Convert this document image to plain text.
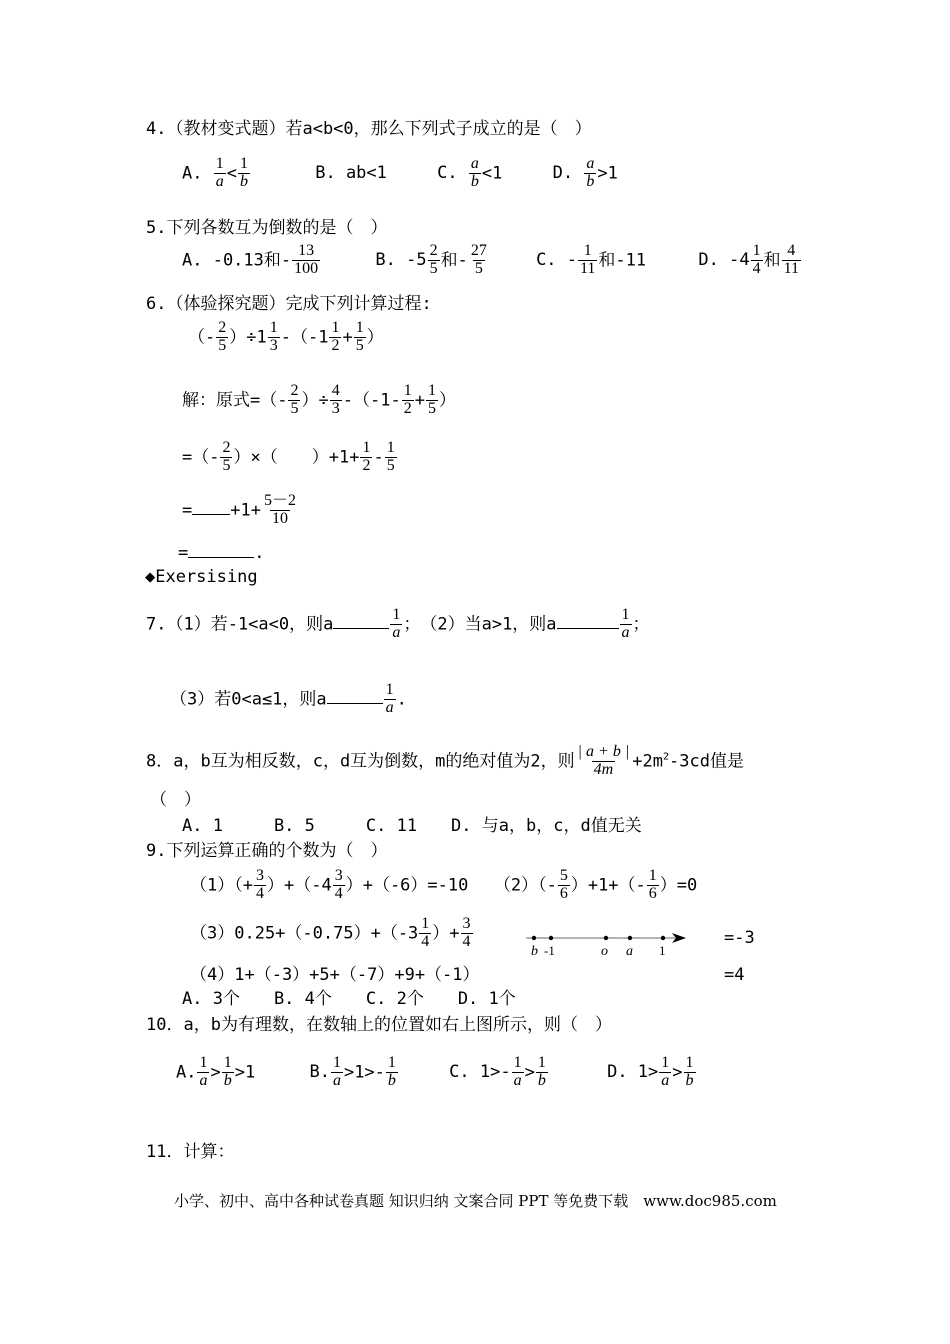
4.（教材变式题）若a<b<0，那么下列式子成立的是（　）
A. $\frac{1}{a} < \frac{1}{b}$	B. ab<1	C. $\frac{a}{b} <1$	D. $\frac{a}{b} >1$
5.下列各数互为倒数的是（　）
A. -0.13和- $\frac{13}{100}$	B. $-5 \frac{2}{5}$ 和- $\frac{27}{5}$	C. - $\frac{1}{11}$ 和-11	D. $-4 \frac{1}{4}$ 和 $\frac{4}{11}$
6.（体验探究题）完成下列计算过程:
（- $\frac{2}{5} )\div 1 \frac{1}{3} -(-1 \frac{1}{2} + \frac{1}{5}$ ）
解：原式=（- $\frac{2}{5}$ ）÷ $\frac{4}{3} -(-1- \frac{1}{2} + \frac{1}{5}$ ）
=（- $\frac{2}{5}$ ）×（　　）$+1+ \frac{1}{2} - \frac{1}{5}$
= $+1+ \frac{5-2}{10}$
=	.
◆Exersising
7.（1）若-1<a<0，则a	$\frac{1}{a}$ ；　（2）当a>1，则a	$\frac{1}{a}$ ；
（3）若0<a≤1，则a	$\frac{1}{a}$ .
8．a，b互为相反数，c，d互为倒数，m的绝对值为2，则 $\frac{| a + b |}{4m} +2m^2-3cd$值是
（　）
A. 1　　　B. 5　　　C. 11　　D. 与a，b，c，d值无关
9.下列运算正确的个数为（　）
$(1)(+ \frac{3}{4} )+(-4 \frac{3}{4} )+(-6)=-10$　　$(2)(- \frac{5}{6} )+1+(- \frac{1}{6} )=0$
$(3)0.25+(-0.75)+(-3 \frac{1}{4}$ ）+ $\frac{3}{4}$	=-3
（4）1+（-3）+5+（-7）+9+（-1）	=4
A. 3个　　B. 4个　　C. 2个　　D. 1个
b -1	o a 1
10．a，b为有理数，在数轴上的位置如右上图所示，则（　）
A. $\frac{1}{a} > \frac{1}{b} >1$	B. $\frac{1}{a} >1>- \frac{1}{b}$	C. $1>- \frac{1}{a} > \frac{1}{b}$	D. $1> \frac{1}{a} > \frac{1}{b}$
11．计算：
小学、初中、高中各种试卷真题 知识归纳 文案合同 PPT 等免费下载　www.doc985.com
